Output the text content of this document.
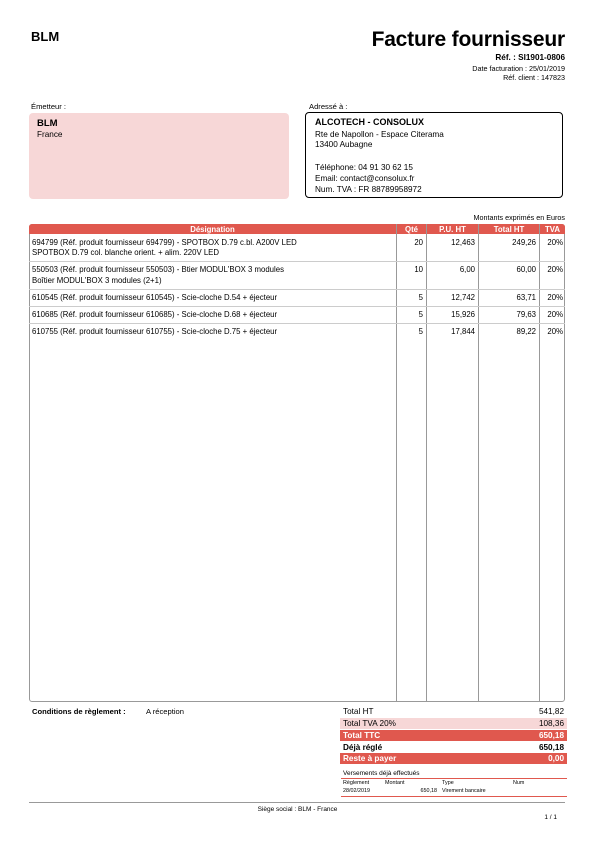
BLM	Facture fournisseur
Réf. : SI1901-0806
Date facturation : 25/01/2019
Réf. client : 147823
Émetteur :
BLM
France
Adressé à :
ALCOTECH - CONSOLUX
Rte de Napollon - Espace Citerama
13400 Aubagne
Téléphone: 04 91 30 62 15
Email: contact@consolux.fr
Num. TVA : FR 88789958972
Montants exprimés en Euros
Désignation	Qté	P.U. HT	Total HT	TVA
694799 (Réf. produit fournisseur 694799) - SPOTBOX D.79 c.bl. A200V LED
SPOTBOX D.79 col. blanche orient. + alim. 220V LED
20	12,463	249,26	20%
550503 (Réf. produit fournisseur 550503) - Btier MODUL'BOX 3 modules
Boîtier MODUL'BOX 3 modules (2+1)
10	6,00	60,00	20%
610545 (Réf. produit fournisseur 610545) - Scie-cloche D.54 + éjecteur	5	12,742	63,71	20%
610685 (Réf. produit fournisseur 610685) - Scie-cloche D.68 + éjecteur	5	15,926	79,63	20%
610755 (Réf. produit fournisseur 610755) - Scie-cloche D.75 + éjecteur	5	17,844	89,22	20%
Conditions de règlement :	A réception	Total HT	541,82
Total TVA 20%	108,36
Total TTC	650,18
Déjà réglé	650,18
Reste à payer	0,00
Versements déjà effectués
Règlement	Montant	Type	Num
28/02/2019	650,18 Virement bancaire
Siège social : BLM - France
1 / 1
